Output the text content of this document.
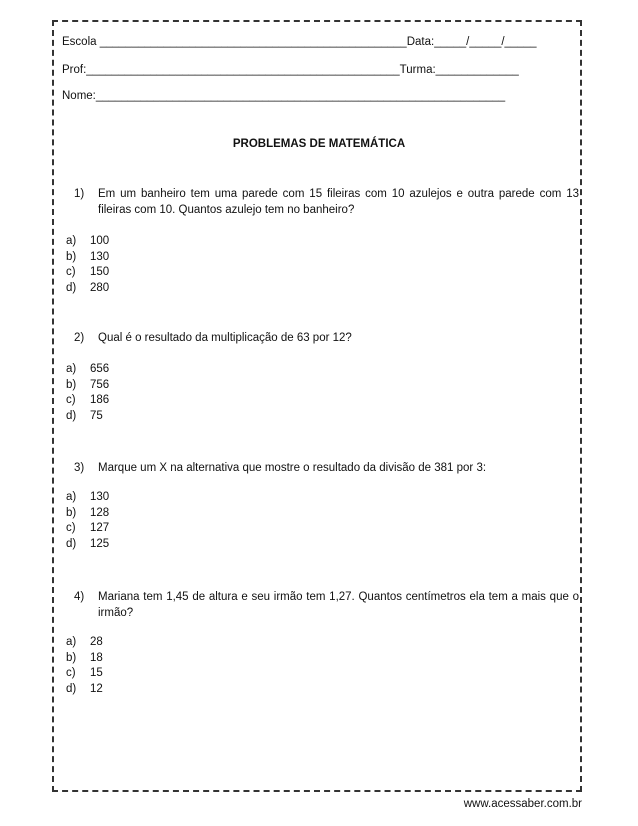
Escola ________________________________________________Data:_____/_____/_____
Prof:_________________________________________________Turma:_____________
Nome:________________________________________________________________
PROBLEMAS DE MATEMÁTICA
1) Em um banheiro tem uma parede com 15 fileiras com 10 azulejos e outra parede com 13 fileiras com 10. Quantos azulejo tem no banheiro?
a)	100
b)	130
c)	150
d)	280
2) Qual é o resultado da multiplicação de 63 por 12?
a)	656
b)	756
c)	186
d)	75
3) Marque um X na alternativa que mostre o resultado da divisão de 381 por 3:
a)	130
b)	128
c)	127
d)	125
4) Mariana tem 1,45 de altura e seu irmão tem 1,27. Quantos centímetros ela tem a mais que o irmão?
a)	28
b)	18
c)	15
d)	12
www.acessaber.com.br
